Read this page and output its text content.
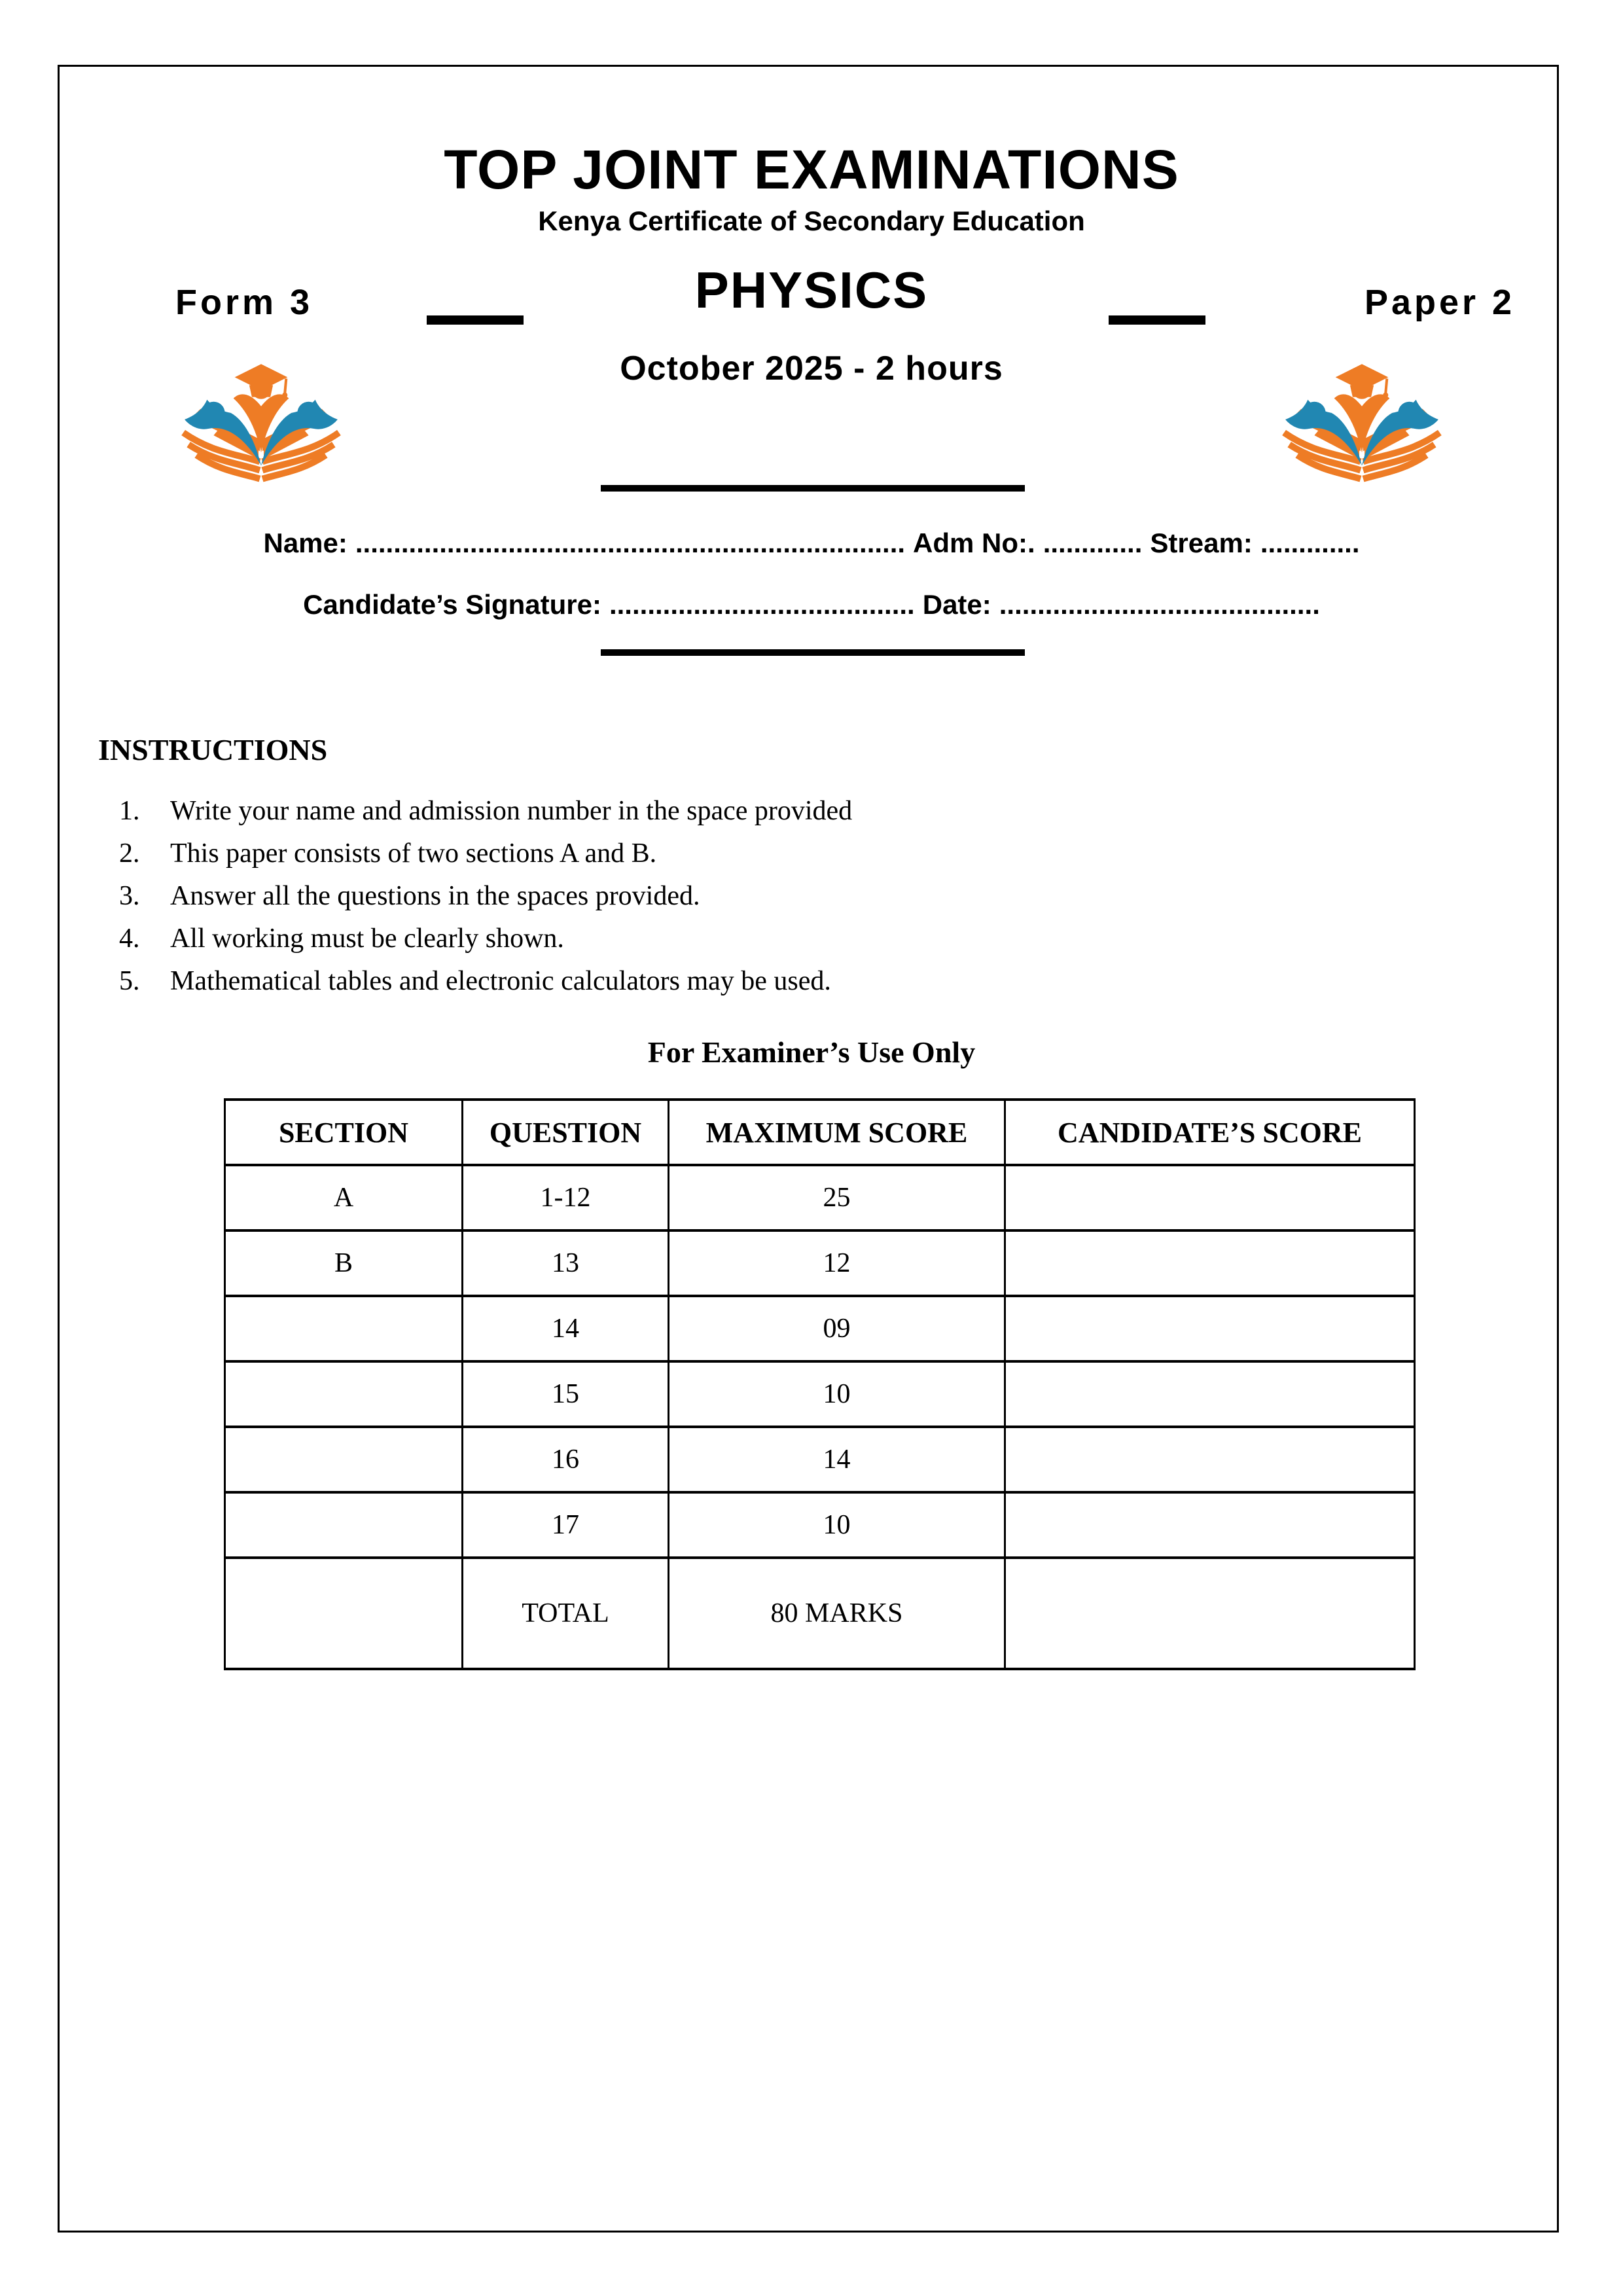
TOP JOINT EXAMINATIONS
Kenya Certificate of Secondary Education
Form 3	PHYSICS	Paper 2
October 2025 - 2 hours
Name: ........................................................................ Adm No:. ............. Stream: .............
Candidate’s Signature: ........................................ Date: ..........................................
INSTRUCTIONS
1.	Write your name and admission number in the space provided
2.	This paper consists of two sections A and B.
3.	Answer all the questions in the spaces provided.
4.	All working must be clearly shown.
5.	Mathematical tables and electronic calculators may be used.
For Examiner’s Use Only
SECTION	QUESTION	MAXIMUM SCORE	CANDIDATE’S SCORE
A	1-12	25	
B	13	12	
	14	09	
	15	10	
	16	14	
	17	10	
	TOTAL	80 MARKS	
